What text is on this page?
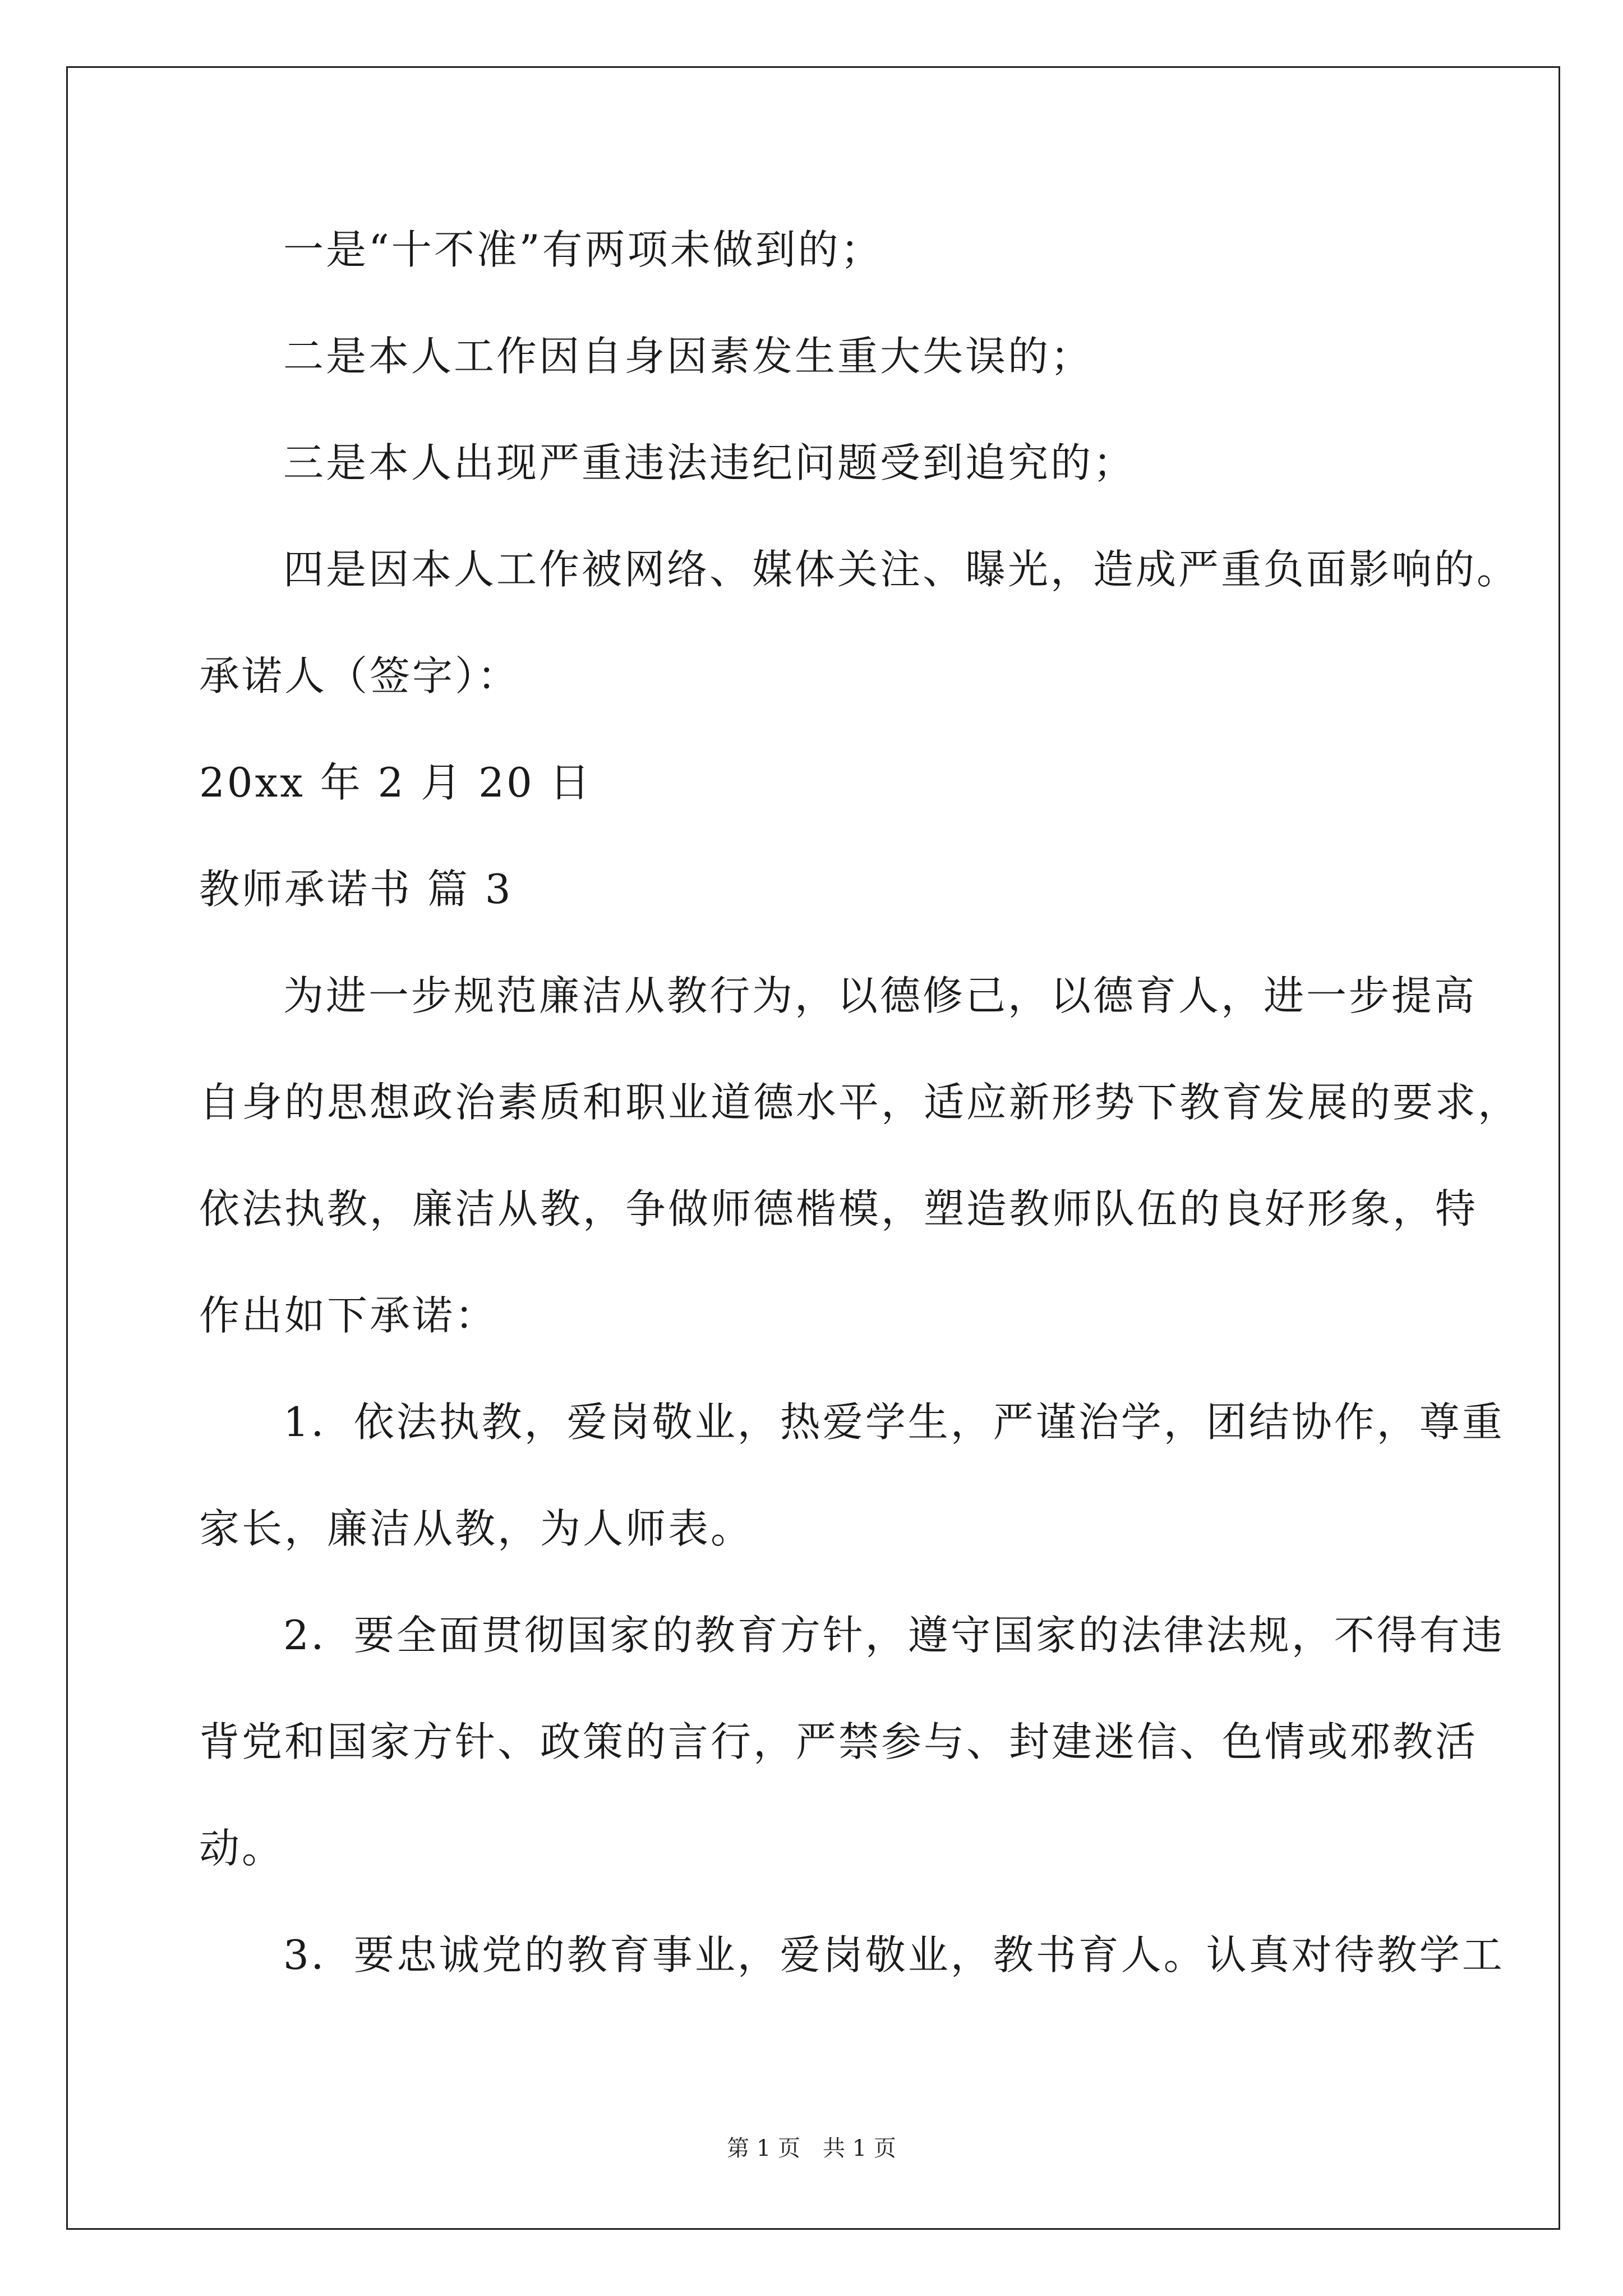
一是“十不准”有两项未做到的；
二是本人工作因自身因素发生重大失误的；
三是本人出现严重违法违纪问题受到追究的；
四是因本人工作被网络、媒体关注、曝光，造成严重负面影响的。
承诺人（签字）：
20xx 年 2 月 20 日
教师承诺书 篇 3
为进一步规范廉洁从教行为，以德修己，以德育人，进一步提高
自身的思想政治素质和职业道德水平，适应新形势下教育发展的要求，
依法执教，廉洁从教，争做师德楷模，塑造教师队伍的良好形象，特
作出如下承诺：
1．依法执教，爱岗敬业，热爱学生，严谨治学，团结协作，尊重
家长，廉洁从教，为人师表。
2．要全面贯彻国家的教育方针，遵守国家的法律法规，不得有违
背党和国家方针、政策的言行，严禁参与、封建迷信、色情或邪教活
动。
3．要忠诚党的教育事业，爱岗敬业，教书育人。认真对待教学工
第 1 页　共 1 页
